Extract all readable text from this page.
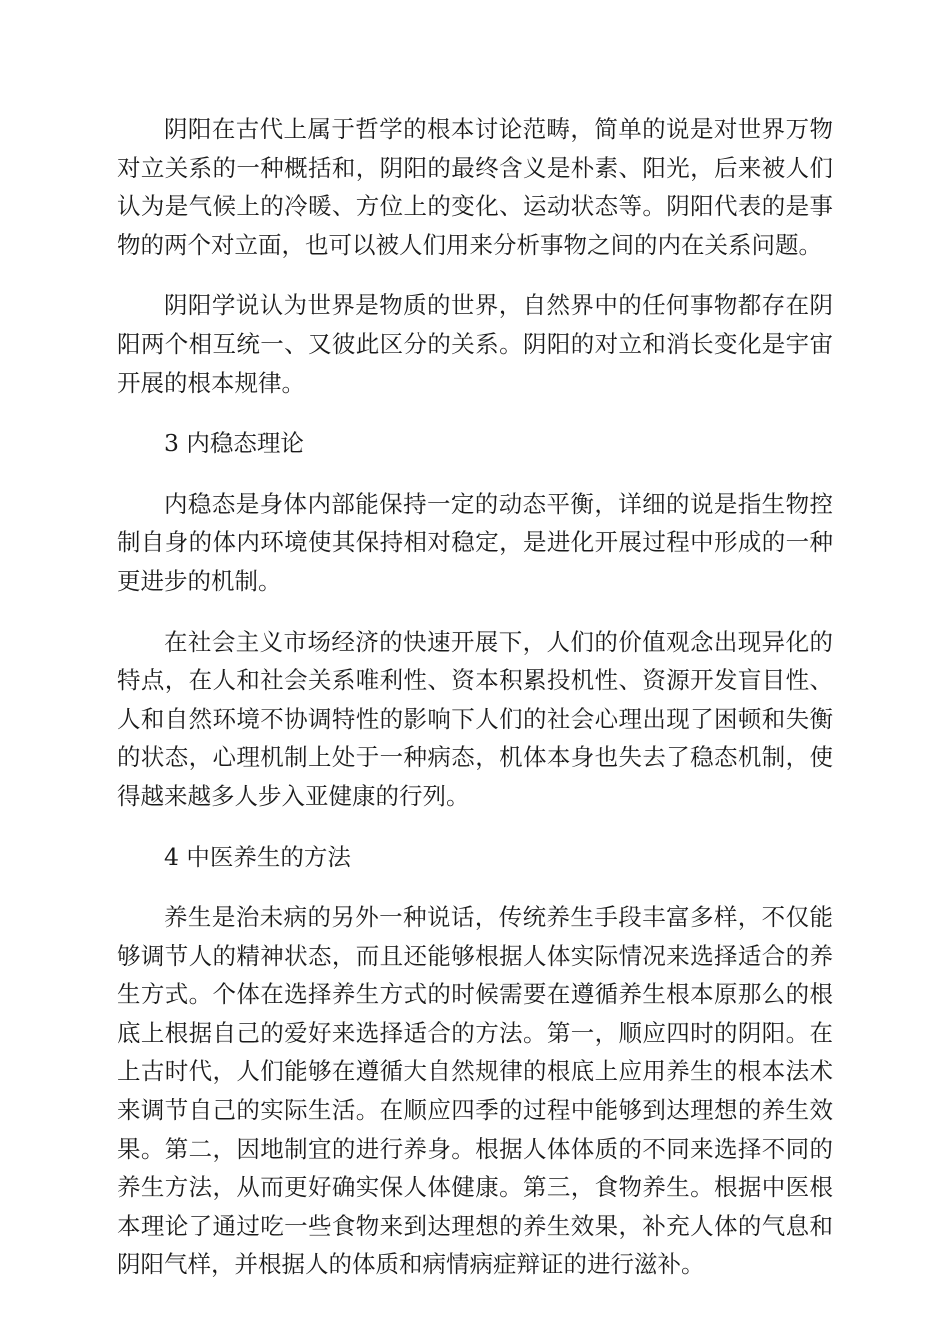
阴阳在古代上属于哲学的根本讨论范畴，简单的说是对世界万物对立关系的一种概括和，阴阳的最终含义是朴素、阳光，后来被人们认为是气候上的冷暖、方位上的变化、运动状态等。阴阳代表的是事物的两个对立面，也可以被人们用来分析事物之间的内在关系问题。

阴阳学说认为世界是物质的世界，自然界中的任何事物都存在阴阳两个相互统一、又彼此区分的关系。阴阳的对立和消长变化是宇宙开展的根本规律。

3 内稳态理论

内稳态是身体内部能保持一定的动态平衡，详细的说是指生物控制自身的体内环境使其保持相对稳定，是进化开展过程中形成的一种更进步的机制。

在社会主义市场经济的快速开展下，人们的价值观念出现异化的特点，在人和社会关系唯利性、资本积累投机性、资源开发盲目性、人和自然环境不协调特性的影响下人们的社会心理出现了困顿和失衡的状态，心理机制上处于一种病态，机体本身也失去了稳态机制，使得越来越多人步入亚健康的行列。

4 中医养生的方法

养生是治未病的另外一种说话，传统养生手段丰富多样，不仅能够调节人的精神状态，而且还能够根据人体实际情况来选择适合的养生方式。个体在选择养生方式的时候需要在遵循养生根本原那么的根底上根据自己的爱好来选择适合的方法。第一，顺应四时的阴阳。在上古时代，人们能够在遵循大自然规律的根底上应用养生的根本法术来调节自己的实际生活。在顺应四季的过程中能够到达理想的养生效果。第二，因地制宜的进行养身。根据人体体质的不同来选择不同的养生方法，从而更好确实保人体健康。第三，食物养生。根据中医根本理论了通过吃一些食物来到达理想的养生效果，补充人体的气息和阴阳气样，并根据人的体质和病情病症辩证的进行滋补。
